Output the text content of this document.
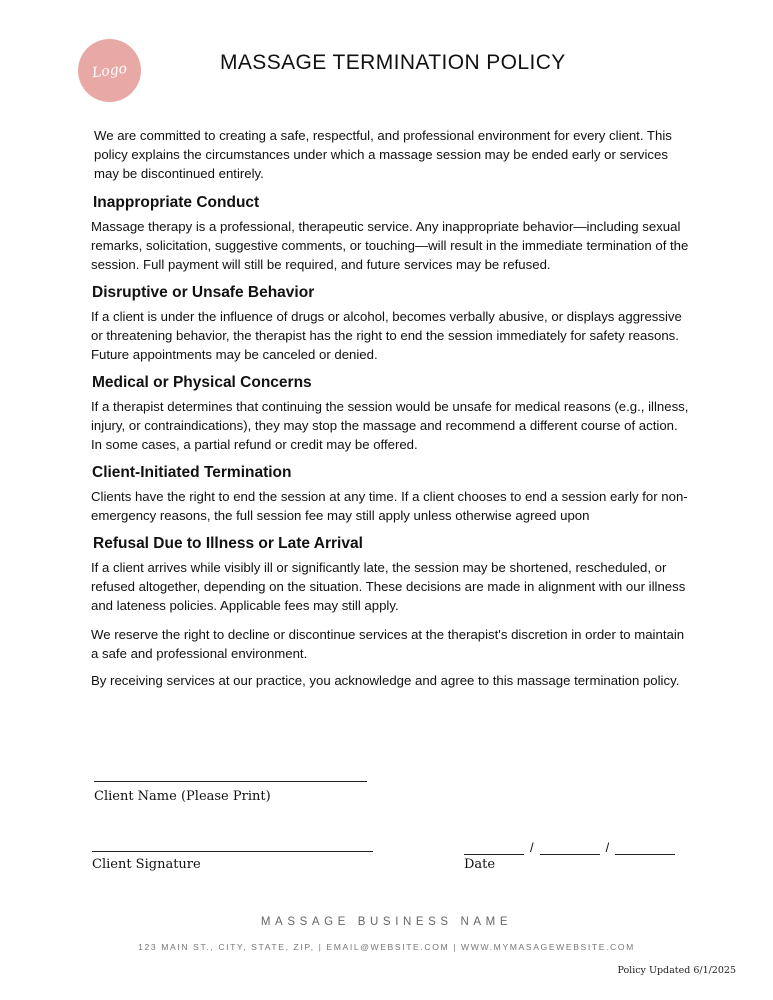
Logo	MASSAGE TERMINATION POLICY

We are committed to creating a safe, respectful, and professional environment for every client. This policy explains the circumstances under which a massage session may be ended early or services may be discontinued entirely.

Inappropriate Conduct

Massage therapy is a professional, therapeutic service. Any inappropriate behavior—including sexual remarks, solicitation, suggestive comments, or touching—will result in the immediate termination of the session. Full payment will still be required, and future services may be refused.

Disruptive or Unsafe Behavior

If a client is under the influence of drugs or alcohol, becomes verbally abusive, or displays aggressive or threatening behavior, the therapist has the right to end the session immediately for safety reasons. Future appointments may be canceled or denied.

Medical or Physical Concerns

If a therapist determines that continuing the session would be unsafe for medical reasons (e.g., illness, injury, or contraindications), they may stop the massage and recommend a different course of action. In some cases, a partial refund or credit may be offered.

Client-Initiated Termination

Clients have the right to end the session at any time. If a client chooses to end a session early for non-emergency reasons, the full session fee may still apply unless otherwise agreed upon

Refusal Due to Illness or Late Arrival

If a client arrives while visibly ill or significantly late, the session may be shortened, rescheduled, or refused altogether, depending on the situation. These decisions are made in alignment with our illness and lateness policies. Applicable fees may still apply.

We reserve the right to decline or discontinue services at the therapist's discretion in order to maintain a safe and professional environment.

By receiving services at our practice, you acknowledge and agree to this massage termination policy.

Client Name (Please Print)
Client Signature
/	/
Date
MASSAGE BUSINESS NAME
123 MAIN ST., CITY, STATE, ZIP, | EMAIL@WEBSITE.COM | WWW.MYMASAGEWEBSITE.COM
Policy Updated 6/1/2025
